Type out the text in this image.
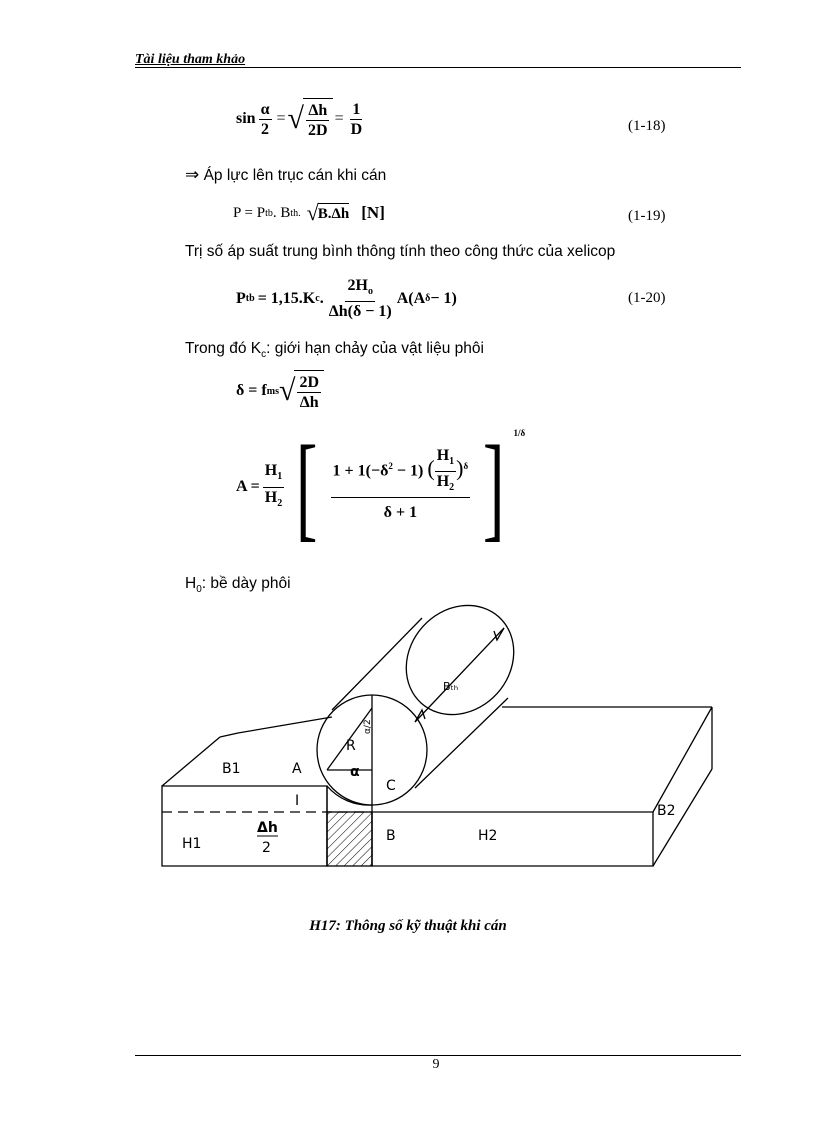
Tài liệu tham khảo
$\sin \frac{\alpha}{2}$ = √ $\frac{\Delta h}{2D} = \frac{1}{D}$	(1-18)
⇒ Áp lực lên trục cán khi cán
P = P tb . B th. √ B.Δh [N]	(1-19)
Trị số áp suất trung bình thông tính theo công thức của xelicop
P tb = 1,15.K c . $\frac{2H_o}{\Delta h(\delta - 1)} A(A$ δ − 1)	(1-20)
Trong đó $K_c$: giới hạn chảy của vật liệu phôi
δ = f ms √ $\frac{2D}{\Delta h}$
$A = \frac{H_1}{H_2}$ [ $\frac{1 + 1(-\delta^2 - 1) ( \frac{H_1}{H_2} )^\delta}{\delta + 1}$ ] $^{1/\delta}$
$H_0$: bề dày phôi
B1	A
R
α
C
I
H1
Δh
2
B	H2
B2
Bₜₕ
α/2
H17: Thông số kỹ thuật khi cán
9
